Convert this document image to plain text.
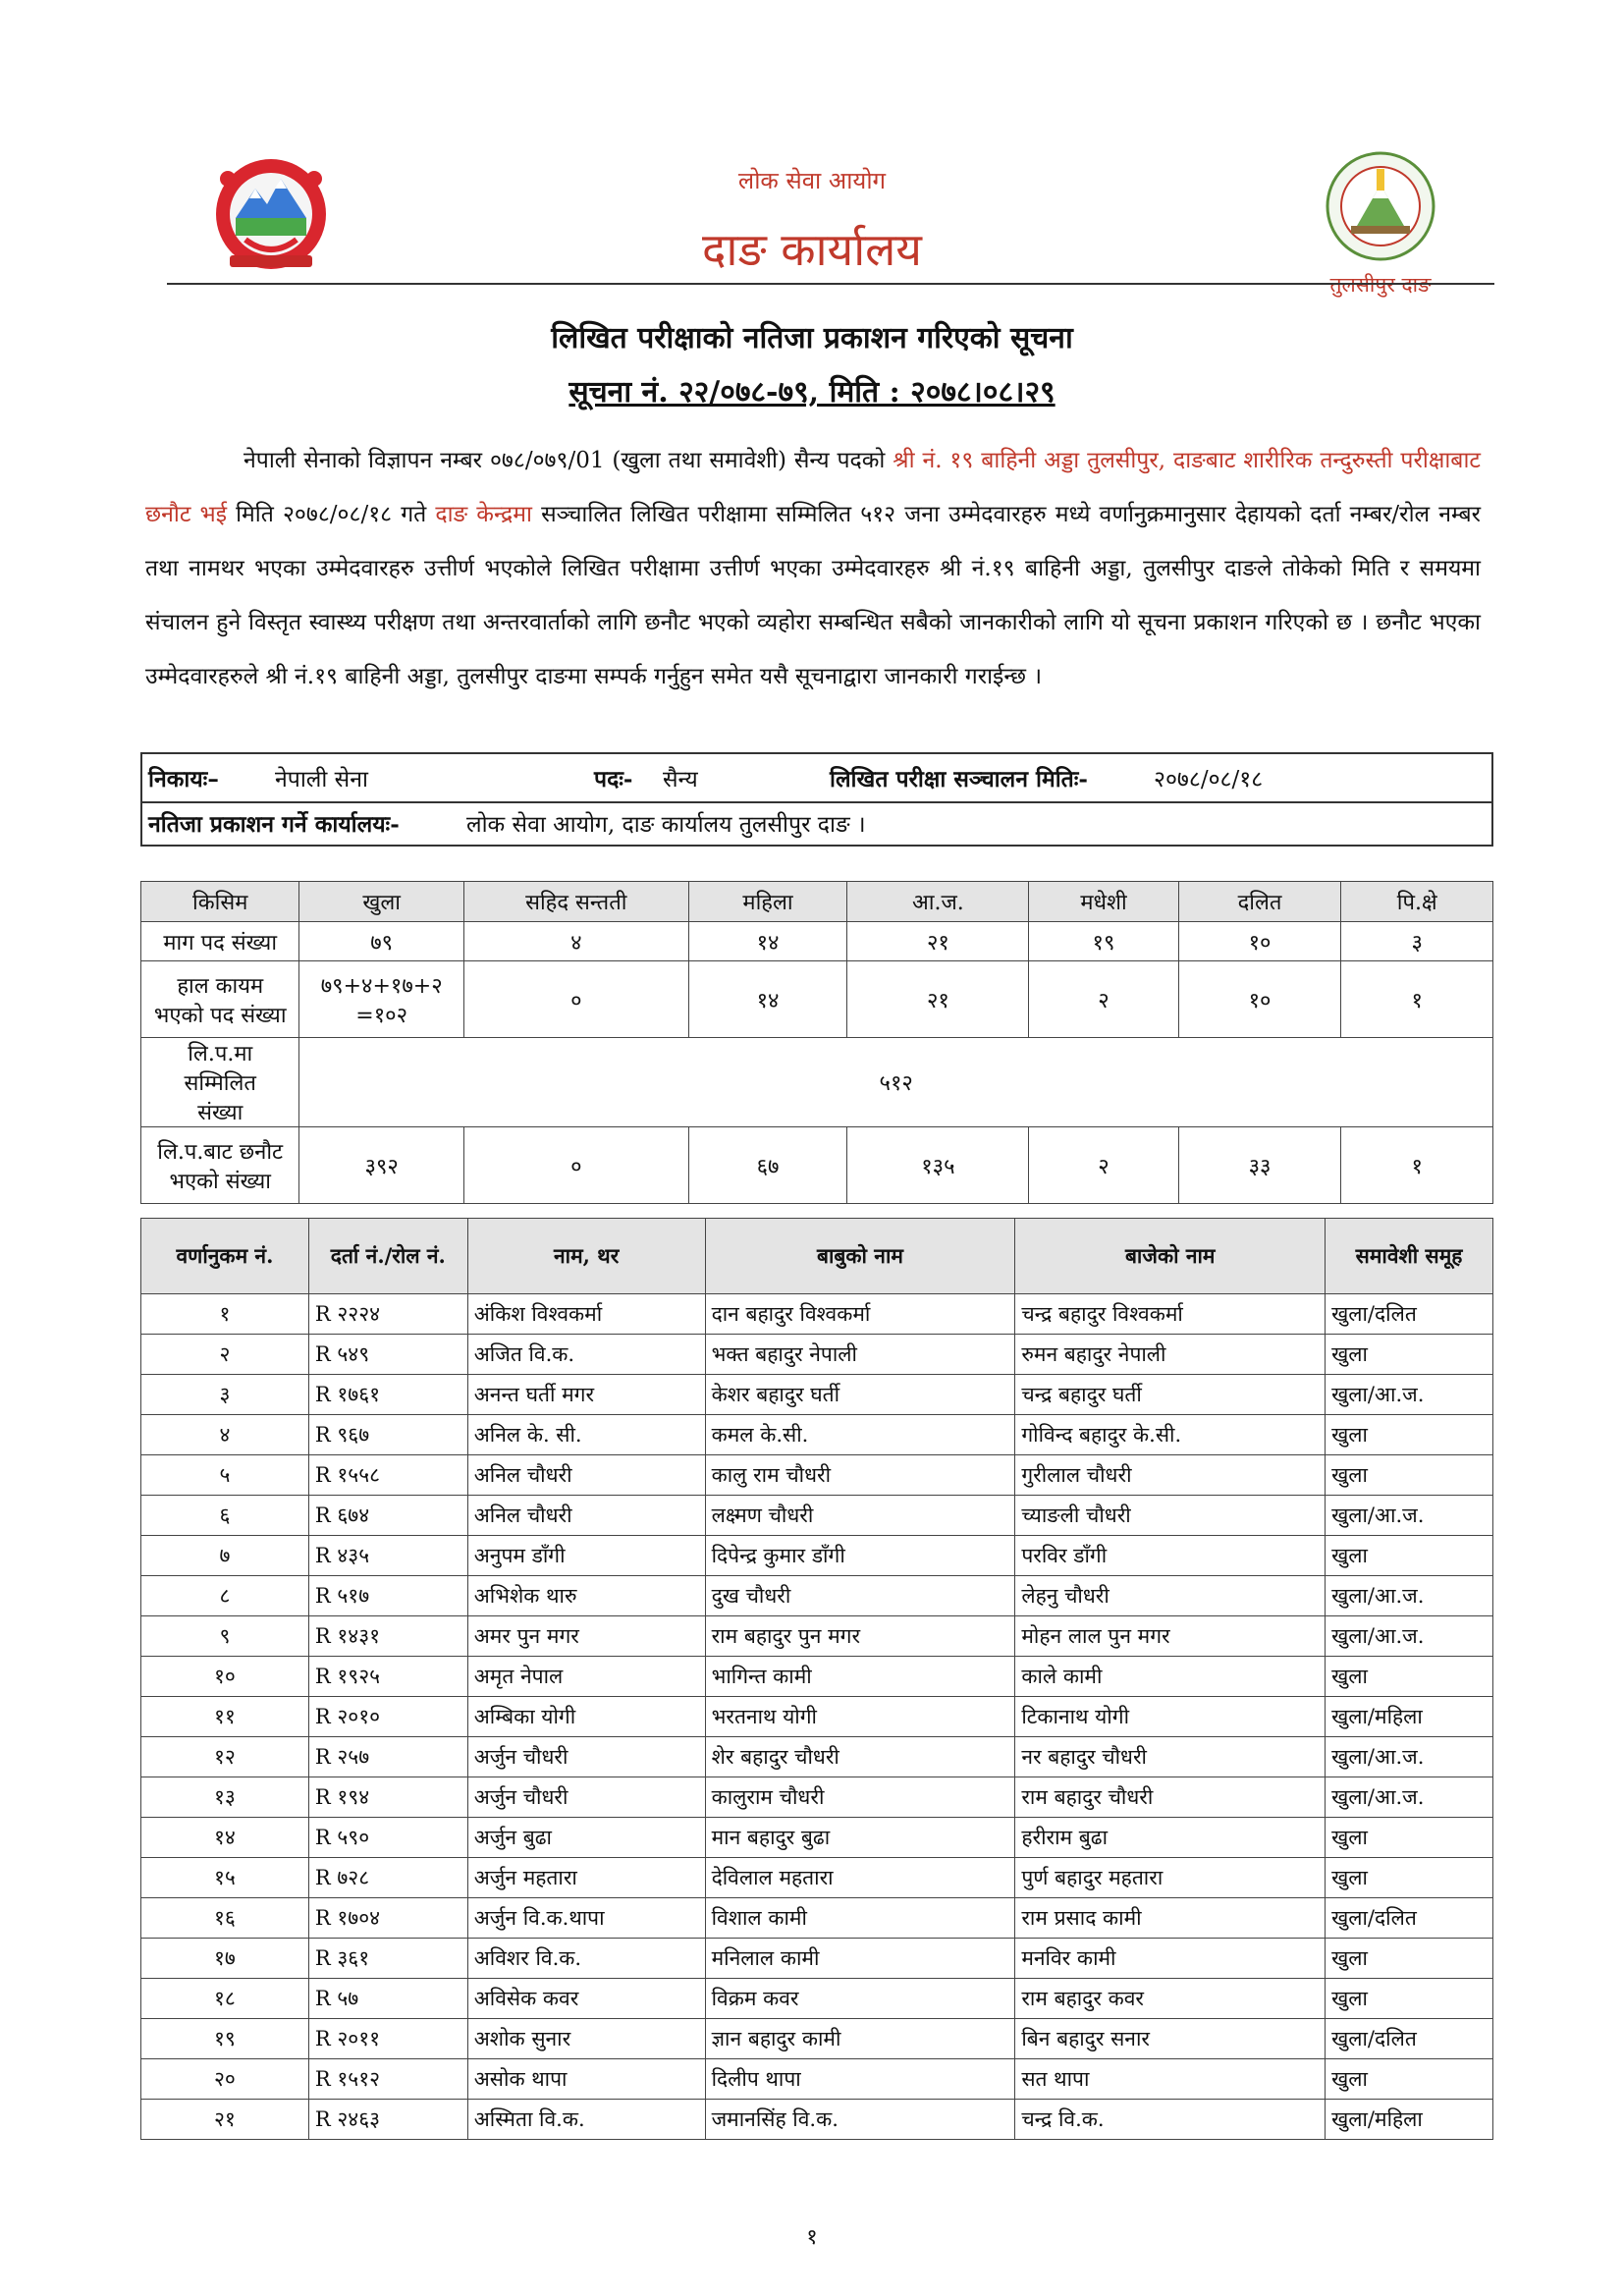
लोक सेवा आयोग
दाङ कार्यालय
तुलसीपुर दाङ
लिखित परीक्षाको नतिजा प्रकाशन गरिएको सूचना
सूचना नं. २२/०७८-७९, मिति : २०७८।०८।२९
नेपाली सेनाको विज्ञापन नम्बर ०७८/०७९/01 (खुला तथा समावेशी) सैन्य पदको श्री नं. १९ बाहिनी अड्डा तुलसीपुर, दाङबाट शारीरिक तन्दुरुस्ती परीक्षाबाट छनौट भई मिति २०७८/०८/१८ गते दाङ केन्द्रमा सञ्चालित लिखित परीक्षामा सम्मिलित ५१२ जना उम्मेदवारहरु मध्ये वर्णानुक्रमानुसार देहायको दर्ता नम्बर/रोल नम्बर तथा नामथर भएका उम्मेदवारहरु उत्तीर्ण भएकोले लिखित परीक्षामा उत्तीर्ण भएका उम्मेदवारहरु श्री नं.१९ बाहिनी अड्डा, तुलसीपुर दाङले तोकेको मिति र समयमा संचालन हुने विस्तृत स्वास्थ्य परीक्षण तथा अन्तरवार्ताको लागि छनौट भएको व्यहोरा सम्बन्धित सबैको जानकारीको लागि यो सूचना प्रकाशन गरिएको छ । छनौट भएका उम्मेदवारहरुले श्री नं.१९ बाहिनी अड्डा, तुलसीपुर दाङमा सम्पर्क गर्नुहुन समेत यसै सूचनाद्वारा जानकारी गराईन्छ ।
निकायः– नेपाली सेना	पदः- सैन्य	लिखित परीक्षा सञ्चालन मितिः-	२०७८/०८/१८
नतिजा प्रकाशन गर्ने कार्यालयः-	लोक सेवा आयोग, दाङ कार्यालय तुलसीपुर दाङ ।
किसिम	खुला	सहिद सन्तती	महिला	आ.ज.	मधेशी	दलित	पि.क्षे
माग पद संख्या	७९	४	१४	२१	१९	१०	३
हाल कायम भएको पद संख्या	७९+४+१७+२ =१०२	०	१४	२१	२	१०	१
लि.प.मा सम्मिलित संख्या	५१२						
लि.प.बाट छनौट भएको संख्या	३९२	०	६७	१३५	२	३३	१
वर्णानुकम नं.	दर्ता नं./रोल नं.	नाम, थर	बाबुको नाम	बाजेको नाम	समावेशी समूह
१	R २२२४	अंकिश विश्वकर्मा	दान बहादुर विश्वकर्मा	चन्द्र बहादुर विश्वकर्मा	खुला/दलित
२	R ५४९	अजित वि.क.	भक्त बहादुर नेपाली	रुमन बहादुर नेपाली	खुला
३	R १७६१	अनन्त घर्ती मगर	केशर बहादुर घर्ती	चन्द्र बहादुर घर्ती	खुला/आ.ज.
४	R ९६७	अनिल के. सी.	कमल के.सी.	गोविन्द बहादुर के.सी.	खुला
५	R १५५८	अनिल चौधरी	कालु राम चौधरी	गुरीलाल चौधरी	खुला
६	R ६७४	अनिल चौधरी	लक्ष्मण चौधरी	च्याङली चौधरी	खुला/आ.ज.
७	R ४३५	अनुपम डाँगी	दिपेन्द्र कुमार डाँगी	परविर डाँगी	खुला
८	R ५१७	अभिशेक थारु	दुख चौधरी	लेहनु चौधरी	खुला/आ.ज.
९	R १४३१	अमर पुन मगर	राम बहादुर पुन मगर	मोहन लाल पुन मगर	खुला/आ.ज.
१०	R १९२५	अमृत नेपाल	भागिन्त कामी	काले कामी	खुला
११	R २०१०	अम्बिका योगी	भरतनाथ योगी	टिकानाथ योगी	खुला/महिला
१२	R २५७	अर्जुन चौधरी	शेर बहादुर चौधरी	नर बहादुर चौधरी	खुला/आ.ज.
१३	R १९४	अर्जुन चौधरी	कालुराम चौधरी	राम बहादुर चौधरी	खुला/आ.ज.
१४	R ५९०	अर्जुन बुढा	मान बहादुर बुढा	हरीराम बुढा	खुला
१५	R ७२८	अर्जुन महतारा	देविलाल महतारा	पुर्ण बहादुर महतारा	खुला
१६	R १७०४	अर्जुन वि.क.थापा	विशाल कामी	राम प्रसाद कामी	खुला/दलित
१७	R ३६१	अविशर वि.क.	मनिलाल कामी	मनविर कामी	खुला
१८	R ५७	अविसेक कवर	विक्रम कवर	राम बहादुर कवर	खुला
१९	R २०११	अशोक सुनार	ज्ञान बहादुर कामी	बिन बहादुर सनार	खुला/दलित
२०	R १५१२	असोक थापा	दिलीप थापा	सत थापा	खुला
२१	R २४६३	अस्मिता वि.क.	जमानसिंह वि.क.	चन्द्र वि.क.	खुला/महिला
१
